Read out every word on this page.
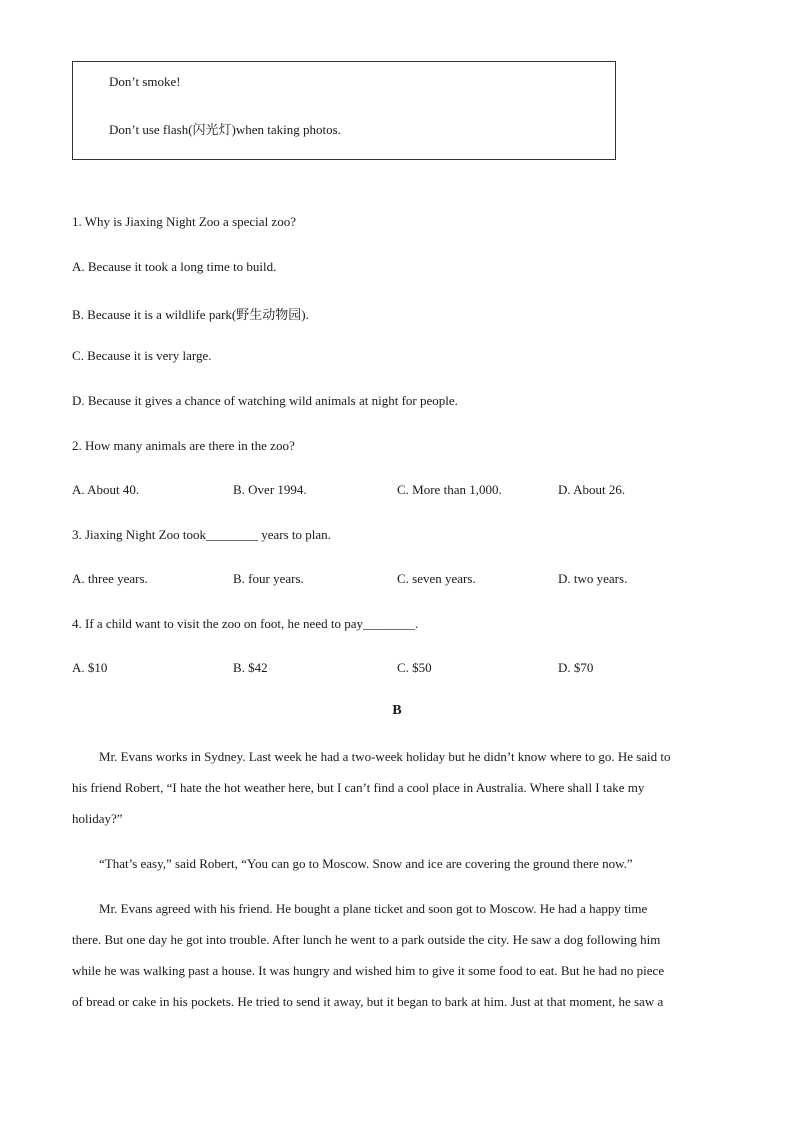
Don’t smoke!
Don’t use flash(闪光灯)when taking photos.
1. Why is Jiaxing Night Zoo a special zoo?
A. Because it took a long time to build.
B. Because it is a wildlife park(野生动物园).
C. Because it is very large.
D. Because it gives a chance of watching wild animals at night for people.
2. How many animals are there in the zoo?
A. About 40.	B. Over 1994.	C. More than 1,000.	D. About 26.
3. Jiaxing Night Zoo took________ years to plan.
A. three years.	B. four years.	C. seven years.	D. two years.
4. If a child want to visit the zoo on foot, he need to pay________.
A. $10	B. $42	C. $50	D. $70
B
Mr. Evans works in Sydney. Last week he had a two-week holiday but he didn’t know where to go. He said to
his friend Robert, “I hate the hot weather here, but I can’t find a cool place in Australia. Where shall I take my
holiday?”
“That’s easy,” said Robert, “You can go to Moscow. Snow and ice are covering the ground there now.”
Mr. Evans agreed with his friend. He bought a plane ticket and soon got to Moscow. He had a happy time
there. But one day he got into trouble. After lunch he went to a park outside the city. He saw a dog following him
while he was walking past a house. It was hungry and wished him to give it some food to eat. But he had no piece
of bread or cake in his pockets. He tried to send it away, but it began to bark at him. Just at that moment, he saw a
